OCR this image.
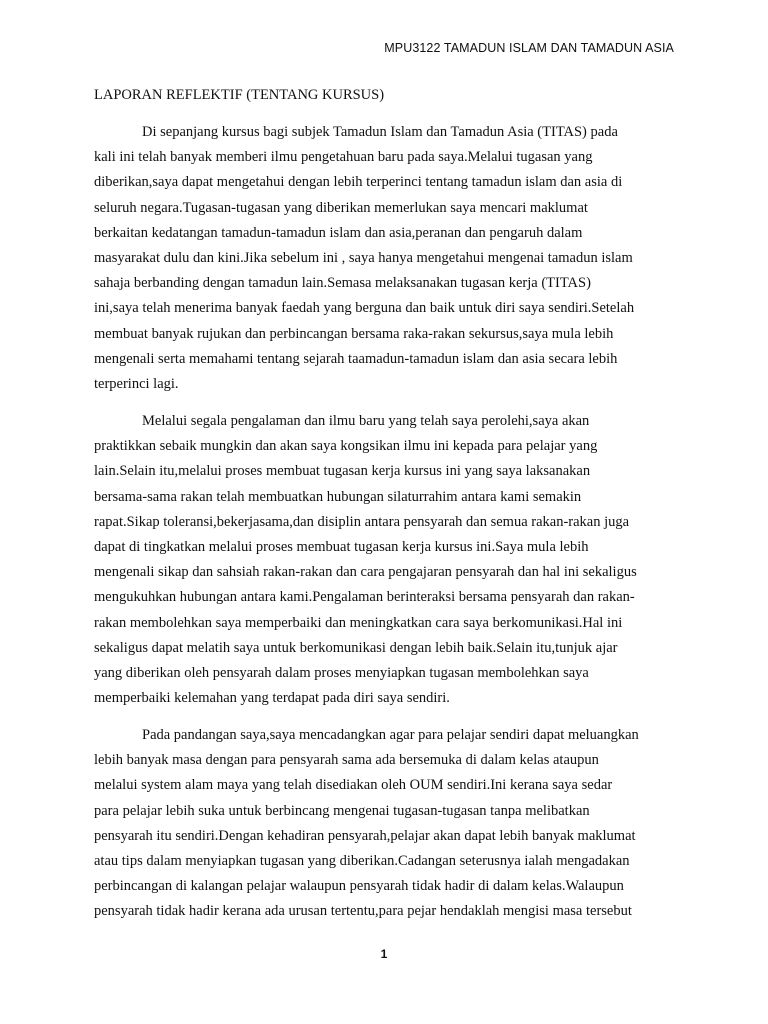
MPU3122 TAMADUN ISLAM DAN TAMADUN ASIA
LAPORAN REFLEKTIF (TENTANG KURSUS)

Di sepanjang kursus bagi subjek Tamadun Islam dan Tamadun Asia (TITAS) pada
kali ini telah banyak memberi ilmu pengetahuan baru pada saya.Melalui tugasan yang
diberikan,saya dapat mengetahui dengan lebih terperinci tentang tamadun islam dan asia di
seluruh negara.Tugasan-tugasan yang diberikan memerlukan saya mencari maklumat
berkaitan kedatangan tamadun-tamadun islam dan asia,peranan dan pengaruh dalam
masyarakat dulu dan kini.Jika sebelum ini , saya hanya mengetahui mengenai tamadun islam
sahaja berbanding dengan tamadun lain.Semasa melaksanakan tugasan kerja (TITAS)
ini,saya telah menerima banyak faedah yang berguna dan baik untuk diri saya sendiri.Setelah
membuat banyak rujukan dan perbincangan bersama raka-rakan sekursus,saya mula lebih
mengenali serta memahami tentang sejarah taamadun-tamadun islam dan asia secara lebih
terperinci lagi.

Melalui segala pengalaman dan ilmu baru yang telah saya perolehi,saya akan
praktikkan sebaik mungkin dan akan saya kongsikan ilmu ini kepada para pelajar yang
lain.Selain itu,melalui proses membuat tugasan kerja kursus ini yang saya laksanakan
bersama-sama rakan telah membuatkan hubungan silaturrahim antara kami semakin
rapat.Sikap toleransi,bekerjasama,dan disiplin antara pensyarah dan semua rakan-rakan juga
dapat di tingkatkan melalui proses membuat tugasan kerja kursus ini.Saya mula lebih
mengenali sikap dan sahsiah rakan-rakan dan cara pengajaran pensyarah dan hal ini sekaligus
mengukuhkan hubungan antara kami.Pengalaman berinteraksi bersama pensyarah dan rakan-
rakan membolehkan saya memperbaiki dan meningkatkan cara saya berkomunikasi.Hal ini
sekaligus dapat melatih saya untuk berkomunikasi dengan lebih baik.Selain itu,tunjuk ajar
yang diberikan oleh pensyarah dalam proses menyiapkan tugasan membolehkan saya
memperbaiki kelemahan yang terdapat pada diri saya sendiri.

Pada pandangan saya,saya mencadangkan agar para pelajar sendiri dapat meluangkan
lebih banyak masa dengan para pensyarah sama ada bersemuka di dalam kelas ataupun
melalui system alam maya yang telah disediakan oleh OUM sendiri.Ini kerana saya sedar
para pelajar lebih suka untuk berbincang mengenai tugasan-tugasan tanpa melibatkan
pensyarah itu sendiri.Dengan kehadiran pensyarah,pelajar akan dapat lebih banyak maklumat
atau tips dalam menyiapkan tugasan yang diberikan.Cadangan seterusnya ialah mengadakan
perbincangan di kalangan pelajar walaupun pensyarah tidak hadir di dalam kelas.Walaupun
pensyarah tidak hadir kerana ada urusan tertentu,para pejar hendaklah mengisi masa tersebut

1
